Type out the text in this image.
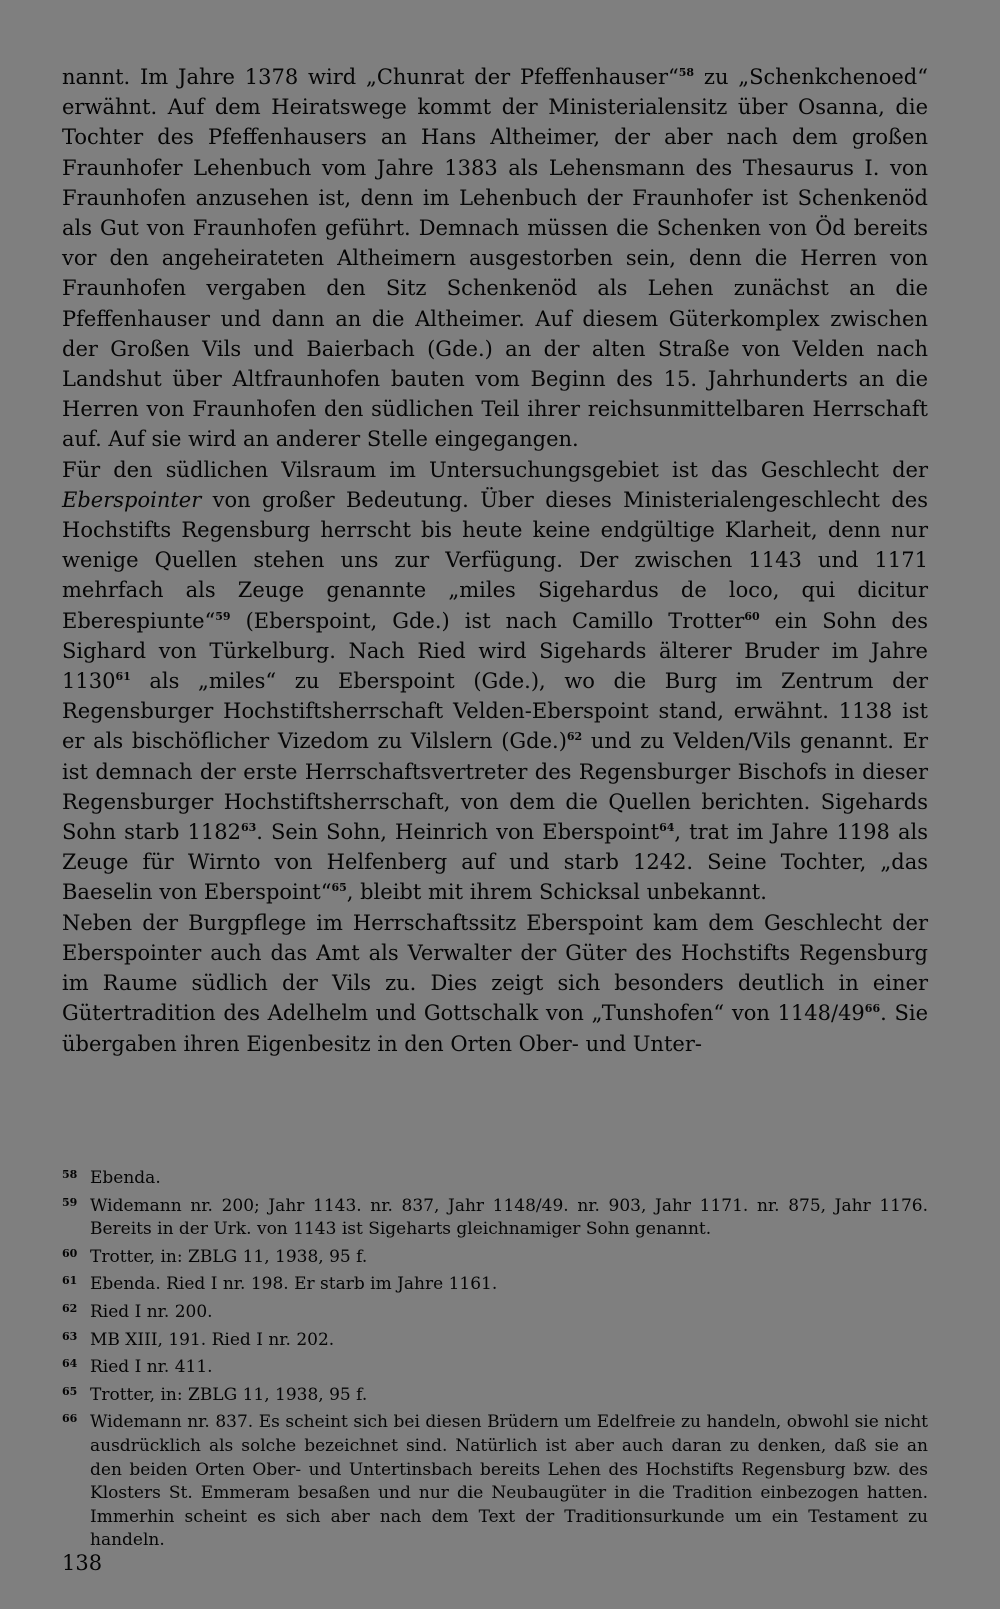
nannt. Im Jahre 1378 wird „Chunrat der Pfeffenhauser“$^{58}$ zu „Schenkchenoed“ erwähnt. Auf dem Heiratswege kommt der Ministerialensitz über Osanna, die Tochter des Pfeffenhausers an Hans Altheimer, der aber nach dem großen Fraunhofer Lehenbuch vom Jahre 1383 als Lehensmann des Thesaurus I. von Fraunhofen anzusehen ist, denn im Lehenbuch der Fraunhofer ist Schenkenöd als Gut von Fraunhofen geführt. Demnach müssen die Schenken von Öd bereits vor den angeheirateten Altheimern ausgestorben sein, denn die Herren von Fraunhofen vergaben den Sitz Schenkenöd als Lehen zunächst an die Pfeffenhauser und dann an die Altheimer. Auf diesem Güterkomplex zwischen der Großen Vils und Baierbach (Gde.) an der alten Straße von Velden nach Landshut über Altfraunhofen bauten vom Beginn des 15. Jahrhunderts an die Herren von Fraunhofen den südlichen Teil ihrer reichsunmittelbaren Herrschaft auf. Auf sie wird an anderer Stelle eingegangen.

Für den südlichen Vilsraum im Untersuchungsgebiet ist das Geschlecht der Eberspointer von großer Bedeutung. Über dieses Ministerialengeschlecht des Hochstifts Regensburg herrscht bis heute keine endgültige Klarheit, denn nur wenige Quellen stehen uns zur Verfügung. Der zwischen 1143 und 1171 mehrfach als Zeuge genannte „miles Sigehardus de loco, qui dicitur Eberespiunte“$^{59}$ (Eberspoint, Gde.) ist nach Camillo Trotter$^{60}$ ein Sohn des Sighard von Türkelburg. Nach Ried wird Sigehards älterer Bruder im Jahre 1130$^{61}$ als „miles“ zu Eberspoint (Gde.), wo die Burg im Zentrum der Regensburger Hochstiftsherrschaft Velden-Eberspoint stand, erwähnt. 1138 ist er als bischöflicher Vizedom zu Vilslern $(Gde.)^{62}$ und zu Velden/Vils genannt. Er ist demnach der erste Herrschaftsvertreter des Regensburger Bischofs in dieser Regensburger Hochstiftsherrschaft, von dem die Quellen berichten. Sigehards Sohn starb 1182$^{63}$. Sein Sohn, Heinrich von Eberspoint$^{64}$, trat im Jahre 1198 als Zeuge für Wirnto von Helfenberg auf und starb 1242. Seine Tochter, „das Baeselin von Eberspoint“$^{65}$, bleibt mit ihrem Schicksal unbekannt.

Neben der Burgpflege im Herrschaftssitz Eberspoint kam dem Geschlecht der Eberspointer auch das Amt als Verwalter der Güter des Hochstifts Regensburg im Raume südlich der Vils zu. Dies zeigt sich besonders deutlich in einer Gütertradition des Adelhelm und Gottschalk von „Tunshofen“ von $1148/49^{66}$. Sie übergaben ihren Eigenbesitz in den Orten Ober- und Unter-

58 Ebenda.

59 Widemann nr. 200; Jahr 1143. nr. 837, Jahr 1148/49. nr. 903, Jahr 1171. nr. 875, Jahr 1176. Bereits in der Urk. von 1143 ist Sigeharts gleichnamiger Sohn genannt.

60 Trotter, in: ZBLG 11, 1938, 95 f.

61 Ebenda. Ried I nr. 198. Er starb im Jahre 1161.

62 Ried I nr. 200.

63 MB XIII, 191. Ried I nr. 202.

64 Ried I nr. 411.

65 Trotter, in: ZBLG 11, 1938, 95 f.

66 Widemann nr. 837. Es scheint sich bei diesen Brüdern um Edelfreie zu handeln, obwohl sie nicht ausdrücklich als solche bezeichnet sind. Natürlich ist aber auch daran zu denken, daß sie an den beiden Orten Ober- und Untertinsbach bereits Lehen des Hochstifts Regensburg bzw. des Klosters St. Emmeram besaßen und nur die Neubaugüter in die Tradition einbezogen hatten. Immerhin scheint es sich aber nach dem Text der Traditionsurkunde um ein Testament zu handeln.

138
